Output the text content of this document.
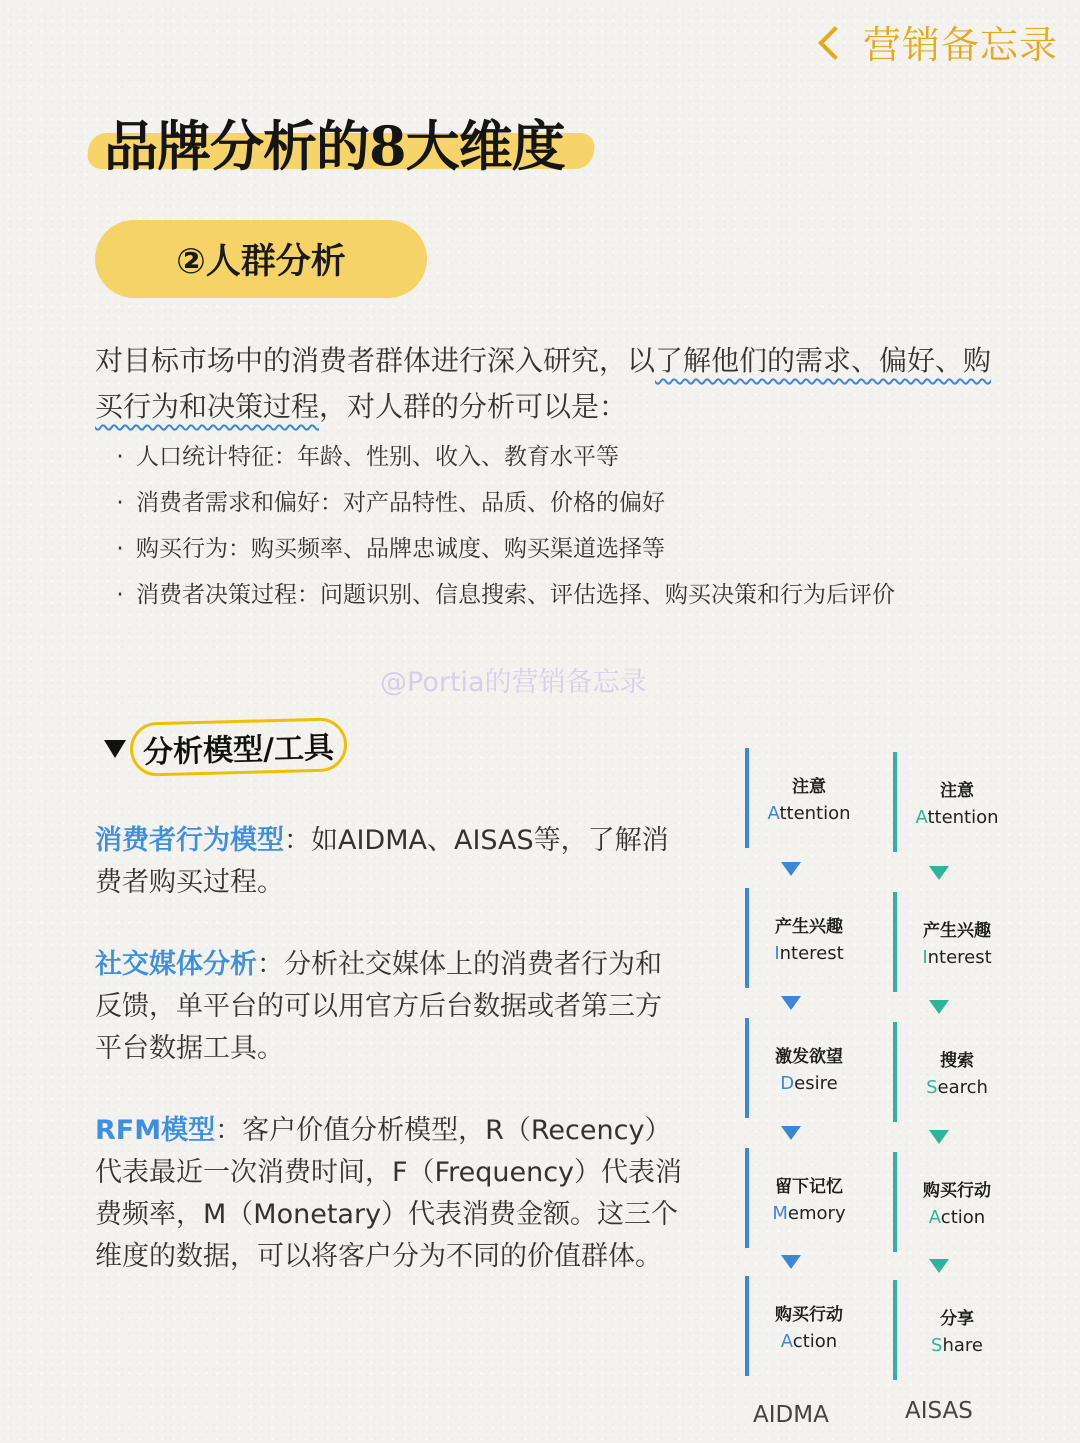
营销备忘录
品牌分析的8大维度
②人群分析
对目标市场中的消费者群体进行深入研究，以了解他们的需求、偏好、购买行为和决策过程，对人群的分析可以是：
· 人口统计特征：年龄、性别、收入、教育水平等
· 消费者需求和偏好：对产品特性、品质、价格的偏好
· 购买行为：购买频率、品牌忠诚度、购买渠道选择等
· 消费者决策过程：问题识别、信息搜索、评估选择、购买决策和行为后评价
@Portia的营销备忘录
分析模型/工具
消费者行为模型：如AIDMA、AISAS等，了解消费者购买过程。
社交媒体分析：分析社交媒体上的消费者行为和反馈，单平台的可以用官方后台数据或者第三方平台数据工具。
RFM模型：客户价值分析模型，R（Recency）代表最近一次消费时间，F（Frequency）代表消费频率，M（Monetary）代表消费金额。这三个维度的数据，可以将客户分为不同的价值群体。
注意
Attention
产生兴趣
Interest
激发欲望
Desire
留下记忆
Memory
购买行动
Action
AIDMA
注意
Attention
产生兴趣
Interest
搜索
Search
购买行动
Action
分享
Share
AISAS
